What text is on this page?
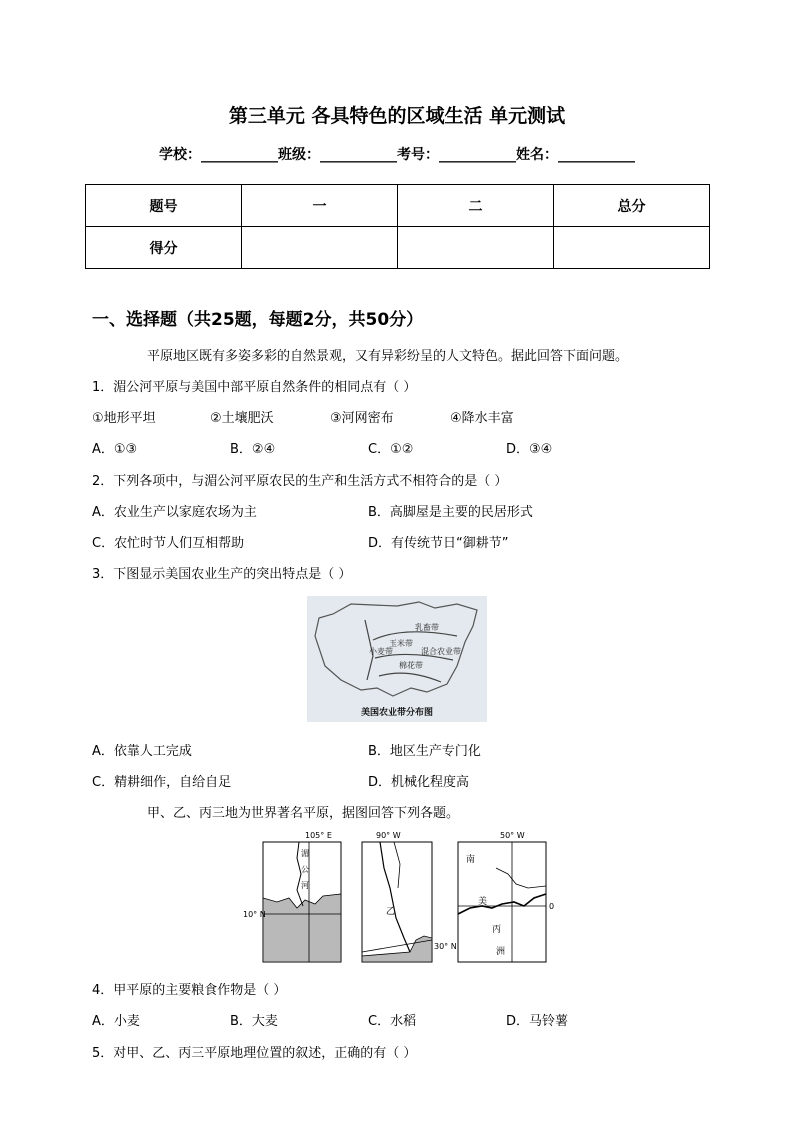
第三单元 各具特色的区域生活 单元测试
学校：___________班级：___________考号：___________姓名：___________
题号	一	二	总分
得分			
一、选择题（共25题，每题2分，共50分）
平原地区既有多姿多彩的自然景观，又有异彩纷呈的人文特色。据此回答下面问题。
1．湄公河平原与美国中部平原自然条件的相同点有（ ）
①地形平坦	②土壤肥沃	③河网密布	④降水丰富
A．①③	B．②④	C．①②	D．③④
2．下列各项中，与湄公河平原农民的生产和生活方式不相符合的是（ ）
A．农业生产以家庭农场为主	B．高脚屋是主要的民居形式
C．农忙时节人们互相帮助	D．有传统节日“御耕节”
3．下图显示美国农业生产的突出特点是（ ）
乳畜带
玉米带
小麦带	混合农业带
棉花带
美国农业带分布图
A．依靠人工完成	B．地区生产专门化
C．精耕细作，自给自足	D．机械化程度高
甲、乙、丙三地为世界著名平原，据图回答下列各题。
105° E
10° N
湄
公
河
90° W
乙
30° N
50° W
南
美
丙
洲
0
4．甲平原的主要粮食作物是（ ）
A．小麦	B．大麦	C．水稻	D．马铃薯
5．对甲、乙、丙三平原地理位置的叙述，正确的有（ ）
